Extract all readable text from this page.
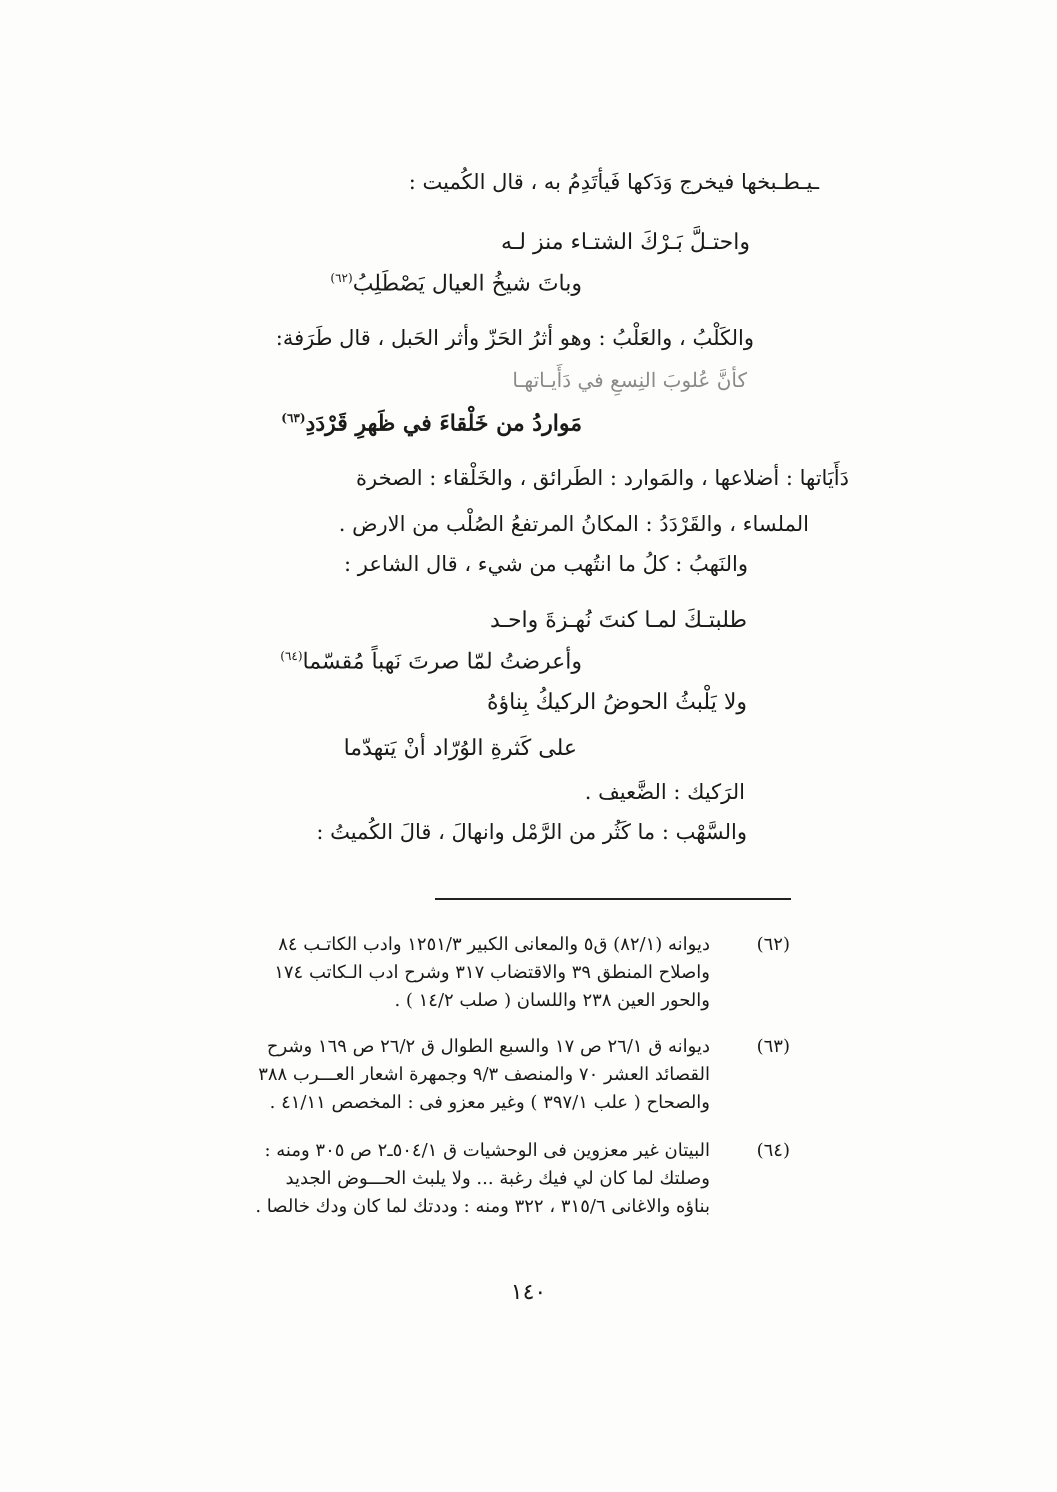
ـيـطـبخها فيخرج وَدَكها فَيأتَدِمُ به ، قال الكُميت :
واحتـلَّ بَـرْكَ الشتـاء منز لـه
وباتَ شيخُ العيال يَصْطَلِبُ$^{(٦٢)}$
والكَلْبُ ، والعَلْبُ : وهو أثرُ الحَزّ وأثر الحَبل ، قال طَرَفة:
كأنَّ عُلوبَ النِسعِ في دَأَيـاتهـا
مَواردُ من خَلْقاءَ في ظَهرِ قَرْدَدِ$^{(٦٣)}$
دَأَيَاتها : أضلاعها ، والمَوارد : الطَرائق ، والخَلْقاء : الصخرة
الملساء ، والقَرْدَدُ : المكانُ المرتفعُ الصُلْب من الارض .
والنَهبُ : كلُ ما انتُهب من شيء ، قال الشاعر :
طلبتـكَ لمـا كنتَ نُهـزةَ واحـد
وأعرضتُ لمّا صرتَ نَهباً مُقسّما$^{(٦٤)}$
ولا يَلْبثُ الحوضُ الركيكُ بِناؤهُ
على كَثرةِ الوُرّاد أنْ يَتهدّما
الرَكيك : الضَّعيف .
والسَّهْب : ما كَثُر من الرَّمْل وانهالَ ، قالَ الكُميتُ :
(٦٢)
ديوانه (٨٢/١) ق٥ والمعانى الكبير ١٢٥١/٣ وادب الكاتـب ٨٤
واصلاح المنطق ٣٩ والاقتضاب ٣١٧ وشرح ادب الـكاتب ١٧٤
والحور العين ٢٣٨ واللسان ( صلب ١٤/٢ ) .
(٦٣)
ديوانه ق ٢٦/١ ص ١٧ والسبع الطوال ق ٢٦/٢ ص ١٦٩ وشرح
القصائد العشر ٧٠ والمنصف ٩/٣ وجمهرة اشعار العـــرب ٣٨٨
والصحاح ( علب ٣٩٧/١ ) وغير معزو فى : المخصص ٤١/١١ .
(٦٤)
البيتان غير معزوين فى الوحشيات ق ٥٠٤/١ـ٢ ص ٣٠٥ ومنه :
وصلتك لما كان لي فيك رغبة ... ولا يلبث الحـــوض الجديد
بناؤه والاغانى ٣١٥/٦ ، ٣٢٢ ومنه : وددتك لما كان ودك خالصا .
١٤٠
